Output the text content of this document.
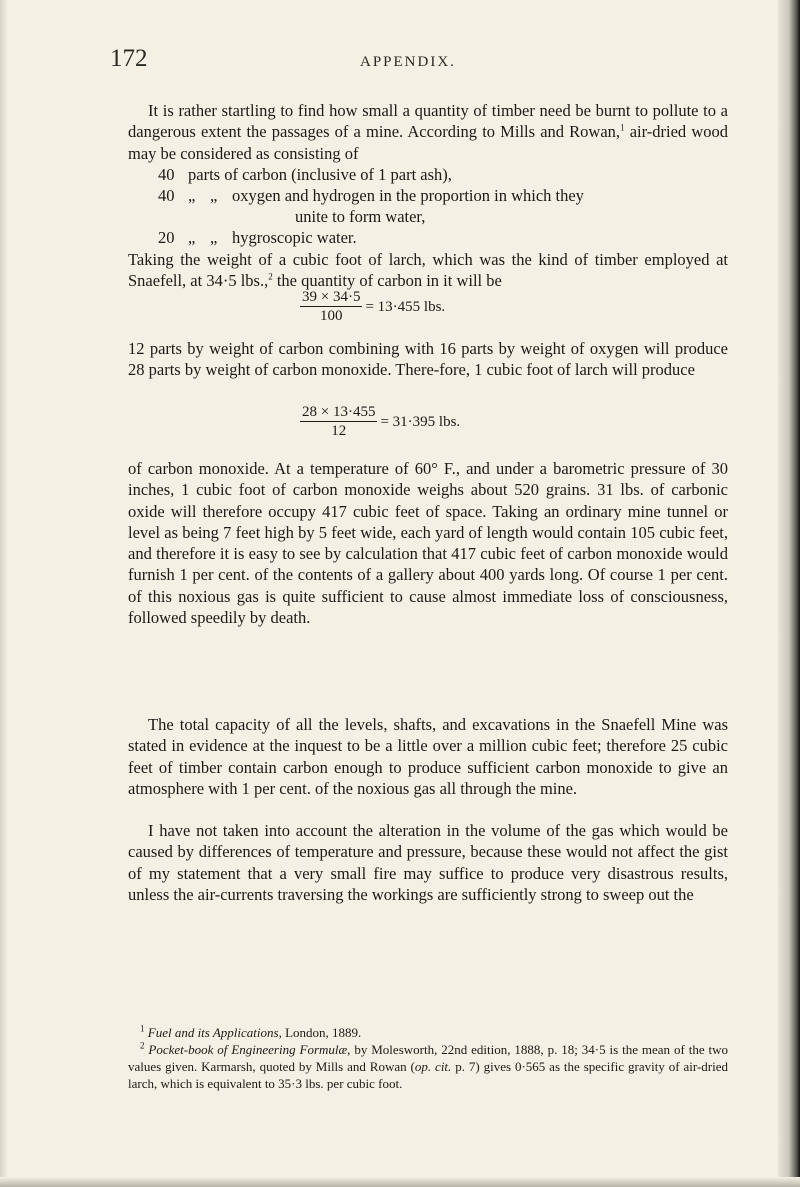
172	APPENDIX.

It is rather startling to find how small a quantity of timber need be burnt to pollute to a dangerous extent the passages of a mine. According to Mills and Rowan,$^1$ air-dried wood may be considered as consisting of

40 parts of carbon (inclusive of 1 part ash),
40 „ „ oxygen and hydrogen in the proportion in which they
unite to form water,
20 „ „ hygroscopic water.

Taking the weight of a cubic foot of larch, which was the kind of timber employed at Snaefell, at 34·5 lbs.,$^2$ the quantity of carbon in it will be

$\frac{39 \times 34\cdot 5}{100} = 13\cdot 455$ lbs.

12 parts by weight of carbon combining with 16 parts by weight of oxygen will produce 28 parts by weight of carbon monoxide. There-fore, 1 cubic foot of larch will produce

$\frac{28 \times 13\cdot 455}{12} = 31\cdot 395$ lbs.

of carbon monoxide. At a temperature of 60° F., and under a barometric pressure of 30 inches, 1 cubic foot of carbon monoxide weighs about 520 grains. 31 lbs. of carbonic oxide will therefore occupy 417 cubic feet of space. Taking an ordinary mine tunnel or level as being 7 feet high by 5 feet wide, each yard of length would contain 105 cubic feet, and therefore it is easy to see by calculation that 417 cubic feet of carbon monoxide would furnish 1 per cent. of the contents of a gallery about 400 yards long. Of course 1 per cent. of this noxious gas is quite sufficient to cause almost immediate loss of consciousness, followed speedily by death.

The total capacity of all the levels, shafts, and excavations in the Snaefell Mine was stated in evidence at the inquest to be a little over a million cubic feet; therefore 25 cubic feet of timber contain carbon enough to produce sufficient carbon monoxide to give an atmosphere with 1 per cent. of the noxious gas all through the mine.

I have not taken into account the alteration in the volume of the gas which would be caused by differences of temperature and pressure, because these would not affect the gist of my statement that a very small fire may suffice to produce very disastrous results, unless the air-currents traversing the workings are sufficiently strong to sweep out the

$^1$ Fuel and its Applications, London, 1889.

$^2$ Pocket-book of Engineering Formulæ, by Molesworth, 22nd edition, 1888, p. 18; 34·5 is the mean of the two values given. Karmarsh, quoted by Mills and Rowan (op. cit. p. 7) gives 0·565 as the specific gravity of air-dried larch, which is equivalent to 35·3 lbs. per cubic foot.
